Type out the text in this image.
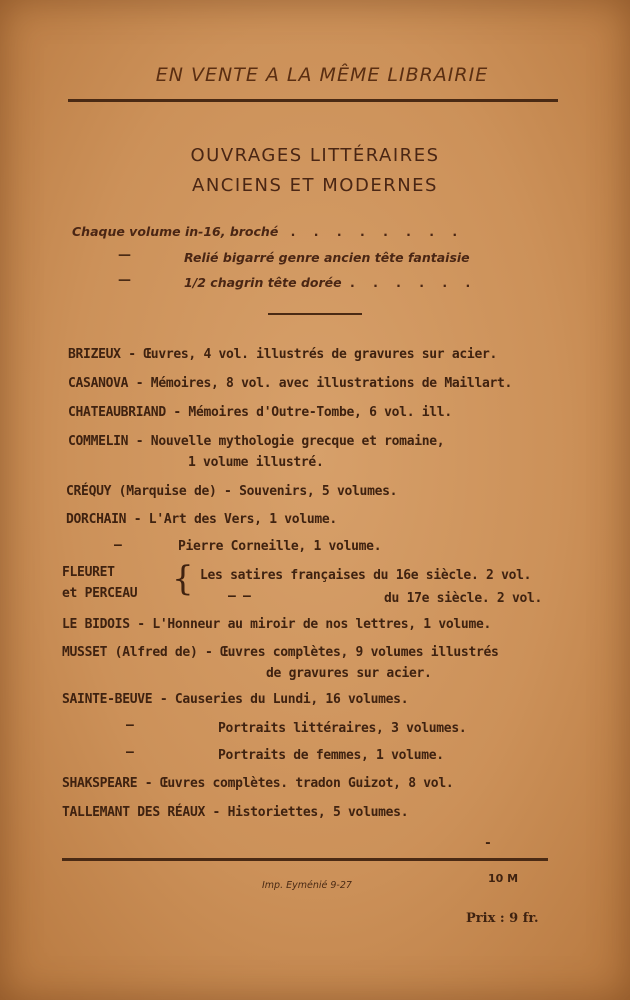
EN VENTE A LA MÊME LIBRAIRIE
OUVRAGES LITTÉRAIRES
ANCIENS ET MODERNES
Chaque volume in-16, broché . . . . . . . .
—	Relié bigarré genre ancien tête fantaisie
—	1/2 chagrin tête dorée . . . . . .
BRIZEUX - Œuvres, 4 vol. illustrés de gravures sur acier.
CASANOVA - Mémoires, 8 vol. avec illustrations de Maillart.
CHATEAUBRIAND - Mémoires d'Outre-Tombe, 6 vol. ill.
COMMELIN - Nouvelle mythologie grecque et romaine,
1 volume illustré.
CRÉQUY (Marquise de) - Souvenirs, 5 volumes.
DORCHAIN - L'Art des Vers, 1 volume.
—	Pierre Corneille, 1 volume.
FLEURET
et PERCEAU { Les satires françaises du 16e siècle. 2 vol.
— —	du 17e siècle. 2 vol.
LE BIDOIS - L'Honneur au miroir de nos lettres, 1 volume.
MUSSET (Alfred de) - Œuvres complètes, 9 volumes illustrés
de gravures sur acier.
SAINTE-BEUVE - Causeries du Lundi, 16 volumes.
—	Portraits littéraires, 3 volumes.
—	Portraits de femmes, 1 volume.
SHAKSPEARE - Œuvres complètes. tradon Guizot, 8 vol.
TALLEMANT DES RÉAUX - Historiettes, 5 volumes.
-
Imp. Eyménié 9-27
10 M
Prix : 9 fr.
